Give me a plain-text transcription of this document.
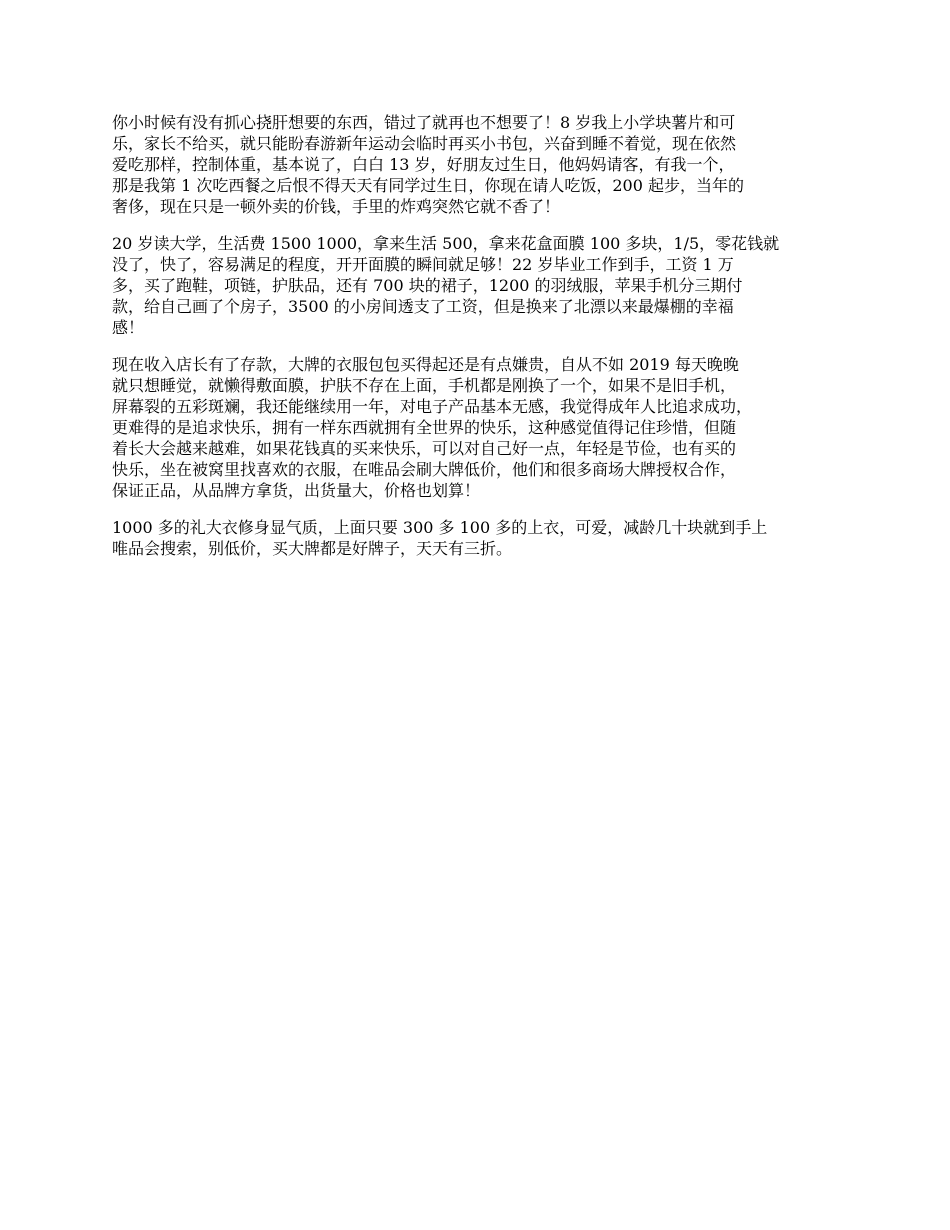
你小时候有没有抓心挠肝想要的东西，错过了就再也不想要了！8 岁我上小学块薯片和可
乐，家长不给买，就只能盼春游新年运动会临时再买小书包，兴奋到睡不着觉，现在依然
爱吃那样，控制体重，基本说了，白白 13 岁，好朋友过生日，他妈妈请客，有我一个，
那是我第 1 次吃西餐之后恨不得天天有同学过生日，你现在请人吃饭，200 起步，当年的
奢侈，现在只是一顿外卖的价钱，手里的炸鸡突然它就不香了！

20 岁读大学，生活费 1500 1000，拿来生活 500，拿来花盒面膜 100 多块，1/5，零花钱就
没了，快了，容易满足的程度，开开面膜的瞬间就足够！22 岁毕业工作到手，工资 1 万
多，买了跑鞋，项链，护肤品，还有 700 块的裙子，1200 的羽绒服，苹果手机分三期付
款，给自己画了个房子，3500 的小房间透支了工资，但是换来了北漂以来最爆棚的幸福
感！

现在收入店长有了存款，大牌的衣服包包买得起还是有点嫌贵，自从不如 2019 每天晚晚
就只想睡觉，就懒得敷面膜，护肤不存在上面，手机都是刚换了一个，如果不是旧手机，
屏幕裂的五彩斑斓，我还能继续用一年，对电子产品基本无感，我觉得成年人比追求成功，
更难得的是追求快乐，拥有一样东西就拥有全世界的快乐，这种感觉值得记住珍惜，但随
着长大会越来越难，如果花钱真的买来快乐，可以对自己好一点，年轻是节俭，也有买的
快乐，坐在被窝里找喜欢的衣服，在唯品会刷大牌低价，他们和很多商场大牌授权合作，
保证正品，从品牌方拿货，出货量大，价格也划算！

1000 多的礼大衣修身显气质，上面只要 300 多 100 多的上衣，可爱，减龄几十块就到手上
唯品会搜索，别低价，买大牌都是好牌子，天天有三折。
